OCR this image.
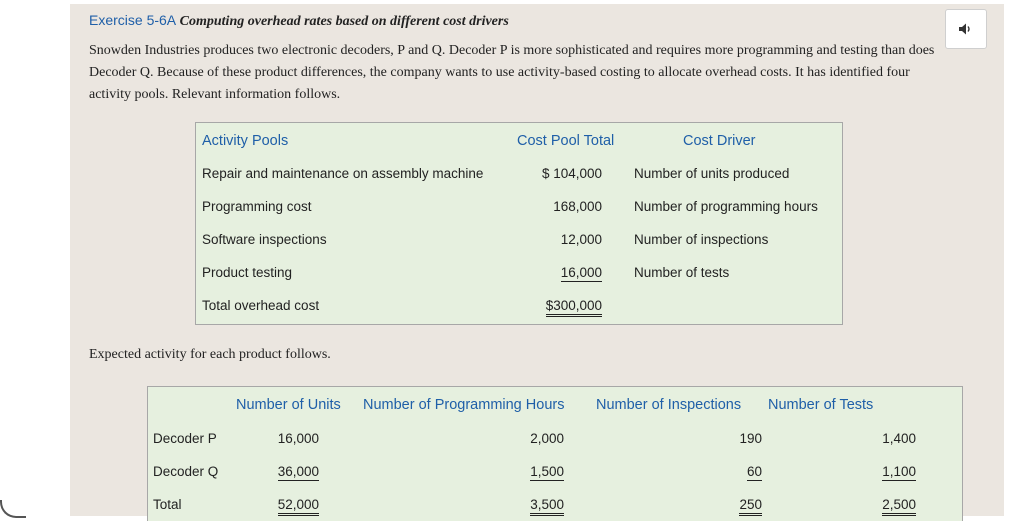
Exercise 5-6A Computing overhead rates based on different cost drivers
Snowden Industries produces two electronic decoders, P and Q. Decoder P is more sophisticated and requires more programming and testing than does Decoder Q. Because of these product differences, the company wants to use activity-based costing to allocate overhead costs. It has identified four activity pools. Relevant information follows.
Activity Pools	Cost Pool Total	Cost Driver
Repair and maintenance on assembly machine	$ 104,000 Number of units produced
Programming cost	168,000 Number of programming hours
Software inspections	12,000 Number of inspections
Product testing	16,000 Number of tests
Total overhead cost	$300,000
Expected activity for each product follows.
Number of Units Number of Programming Hours Number of Inspections Number of Tests
Decoder P	16,000	2,000	190	1,400
Decoder Q	36,000	1,500	60	1,100
Total	52,000	3,500	250	2,500
